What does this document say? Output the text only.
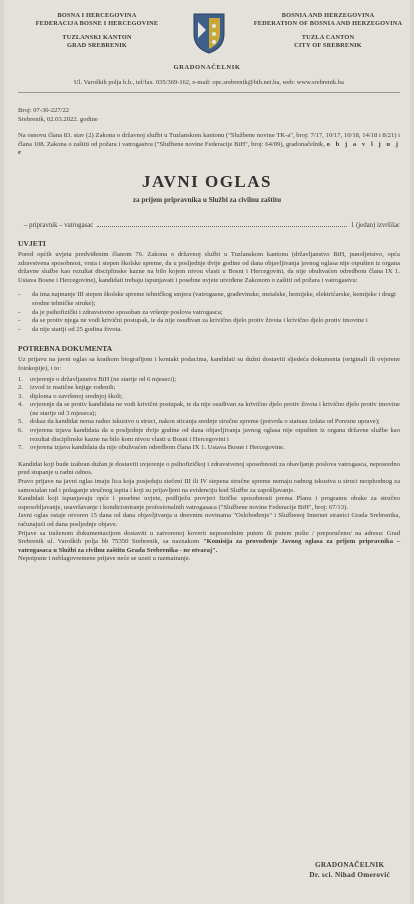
BOSNA I HERCEGOVINA
FEDERACIJA BOSNE I HERCEGOVINE
TUZLANSKI KANTON
GRAD SREBRENIK
BOSNIA AND HERZEGOVINA
FEDERATION OF BOSNIA AND HERZEGOVINA
TUZLA CANTON
CITY OF SREBRENIK
GRADONAČELNIK
Ul. Varoških polja b.b., tel/fax. 035/369-162, e-mail: opc.srebrenik@bih.net.ba, web: www.srebrenik.ba
Broj: 07-30-227/22
Srebrenik, 02.03.2022. godine
Na osnovu člana 83. stav (2) Zakona o državnoj službi u Tuzlanskom kantonu ("Službene novine TK-a", broj: 7/17, 10/17, 10/18, 14/18 i 8/21) i člana 108. Zakona o zaštiti od požara i vatrogastvu ("Službene novine Federacije BiH", broj: 64/09), gradonačelnik, o b j a v l j u j e
JAVNI OGLAS
za prijem pripravnika u Službi za civilnu zaštitu
– pripravnik – vatrogasac	1 (jedan) izvršilac
UVJETI
Pored općih uvjeta predviđenim članom 76. Zakona o državnoj službi u Tuzlanskom kantonu (državljanstvo BiH, punoljetstvo, opća zdravstvena sposobnost, vrsta i stepen školske spreme, da u posljednje dvije godine od dana objavljivanja javnog oglasa nije otpušten iz organa državne službe kao rezultat disciplinske kazne na bilo kojem nivou vlasti u Bosni i Hercegovini, da nije obuhvaćen odredbom člana IX 1. Ustava Bosne i Hercegovine), kandidati trebaju ispunjavati i posebne uvjete utvrđene Zakonom o zaštiti od požara i vatrogastvu:
-	da ima najmanje III stepen školske spreme tehničkog smjera (vatrogasne, građevinske, metalske, hemijske, elektrićarske, kemijske i drugi srodne tehničke struke);
-	da je psihofizički i zdravstveno sposoban za vršenje poslova vatrogasca;
-	da se protiv njega ne vodi krivični postupak, te da nije osuđivan za krivično djelo protiv života i krivično djelo protiv imovine i
-	da nije stariji od 25 godina života.
POTREBNA DOKUMENTA
Uz prijavu na javni oglas sa kratkom biografijom i kontakt podacima, kandidati su dužni dostaviti sljedeća dokumenta (originali ili ovjerene fotokopije), i to:
1.	uvjerenje o državljanstvu BiH (ne starije od 6 mjeseci);
2.	izvod iz matične knjige rođenih;
3.	diploma o završenoj srednjoj školi;
4.	uvjerenje da se protiv kandidata ne vodi krivični postupak, te da nije osuđivan za krivično djelo protiv života i krivično djelo protiv imovine (ne starije od 3 mjeseca);
5.	dokaz da kandidat nema radno iskustvo u struci, nakon sticanja srednje stručne spreme (potvrda o statusu izdata od Porezne uprave);
6.	ovjerena izjava kandidata da u posljednje dvije godine od dana objavljivanja javnog oglasa nije otpušten iz organa državne službe kao rezultat disciplinske kazne na bilo kom nivou vlasti u Bosni i Hercegovini i
7.	ovjerena izjava kandidata da nije obuhvaćen odredbom člana IX 1. Ustava Bosne i Hercegovine.

Kandidat koji bude izabran dužan je dostaviti uvjerenje o psihofizičkoj i zdravstvenoj sposobnosti za obavljanje poslova vatrogasca, neposredno pred stupanje u radni odnos.

Pravo prijave na javni oglas imaju lica koja posjeduju stečeni III ili IV stepena stručne spreme nemaju radnog iskustva u struci neophodnog za samostalan rad i polaganje stručnog ispita i koji su prijavljeni na evidenciju kod Službe za zapošljavanje.

Kandidati koji ispunjavaju opće i posebne uvjete, podliježu provjeri fizičke sposobnosti prema Planu i programu obuke za stručno osposobljavanje, usavršavanje i kondicioniranje profesionalnih vatrogasaca ("Službene novine Federacije BiH", broj: 67/13).

Javni oglas ostaje otvoren 15 dana od dana objavljivanja u dnevnim novinama "Oslobođenje" i Službenoj Internet stranici Grada Srebrenika, računajući od dana posljednje objave.

Prijave sa traženom dokumentacijom dostaviti u zatvorenoj koverti neposrednim putem ili putem pošte / preporučeno/ na adresu: Grad Srebrenik ul. Varoških polja bb 75350 Srebrenik, sa naznakom "Komisija za provođenje Javnog oglasa za prijem pripravnika – vatrogasaca u Službi za civilnu zaštitu Grada Srebrenika - ne otvaraj".

Nepotpune i neblagovremene prijave neće se uzeti u razmatranje.

GRADONAČELNIK
Dr. sci. Nihad Omerović
